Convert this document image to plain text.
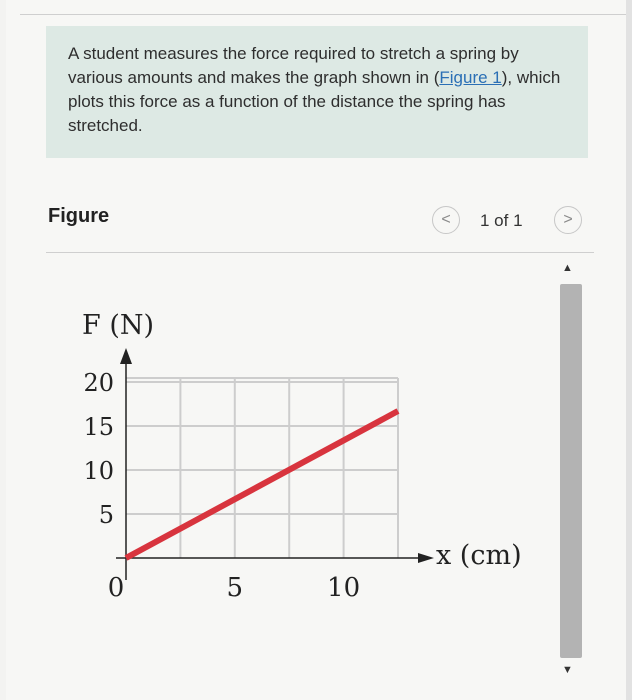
A student measures the force required to stretch a spring by various amounts and makes the graph shown in (Figure 1), which plots this force as a function of the distance the spring has stretched.
Figure	<	1 of 1	>
▲
▼
5
10
15
20
0	5	10
F (N)
x (cm)
